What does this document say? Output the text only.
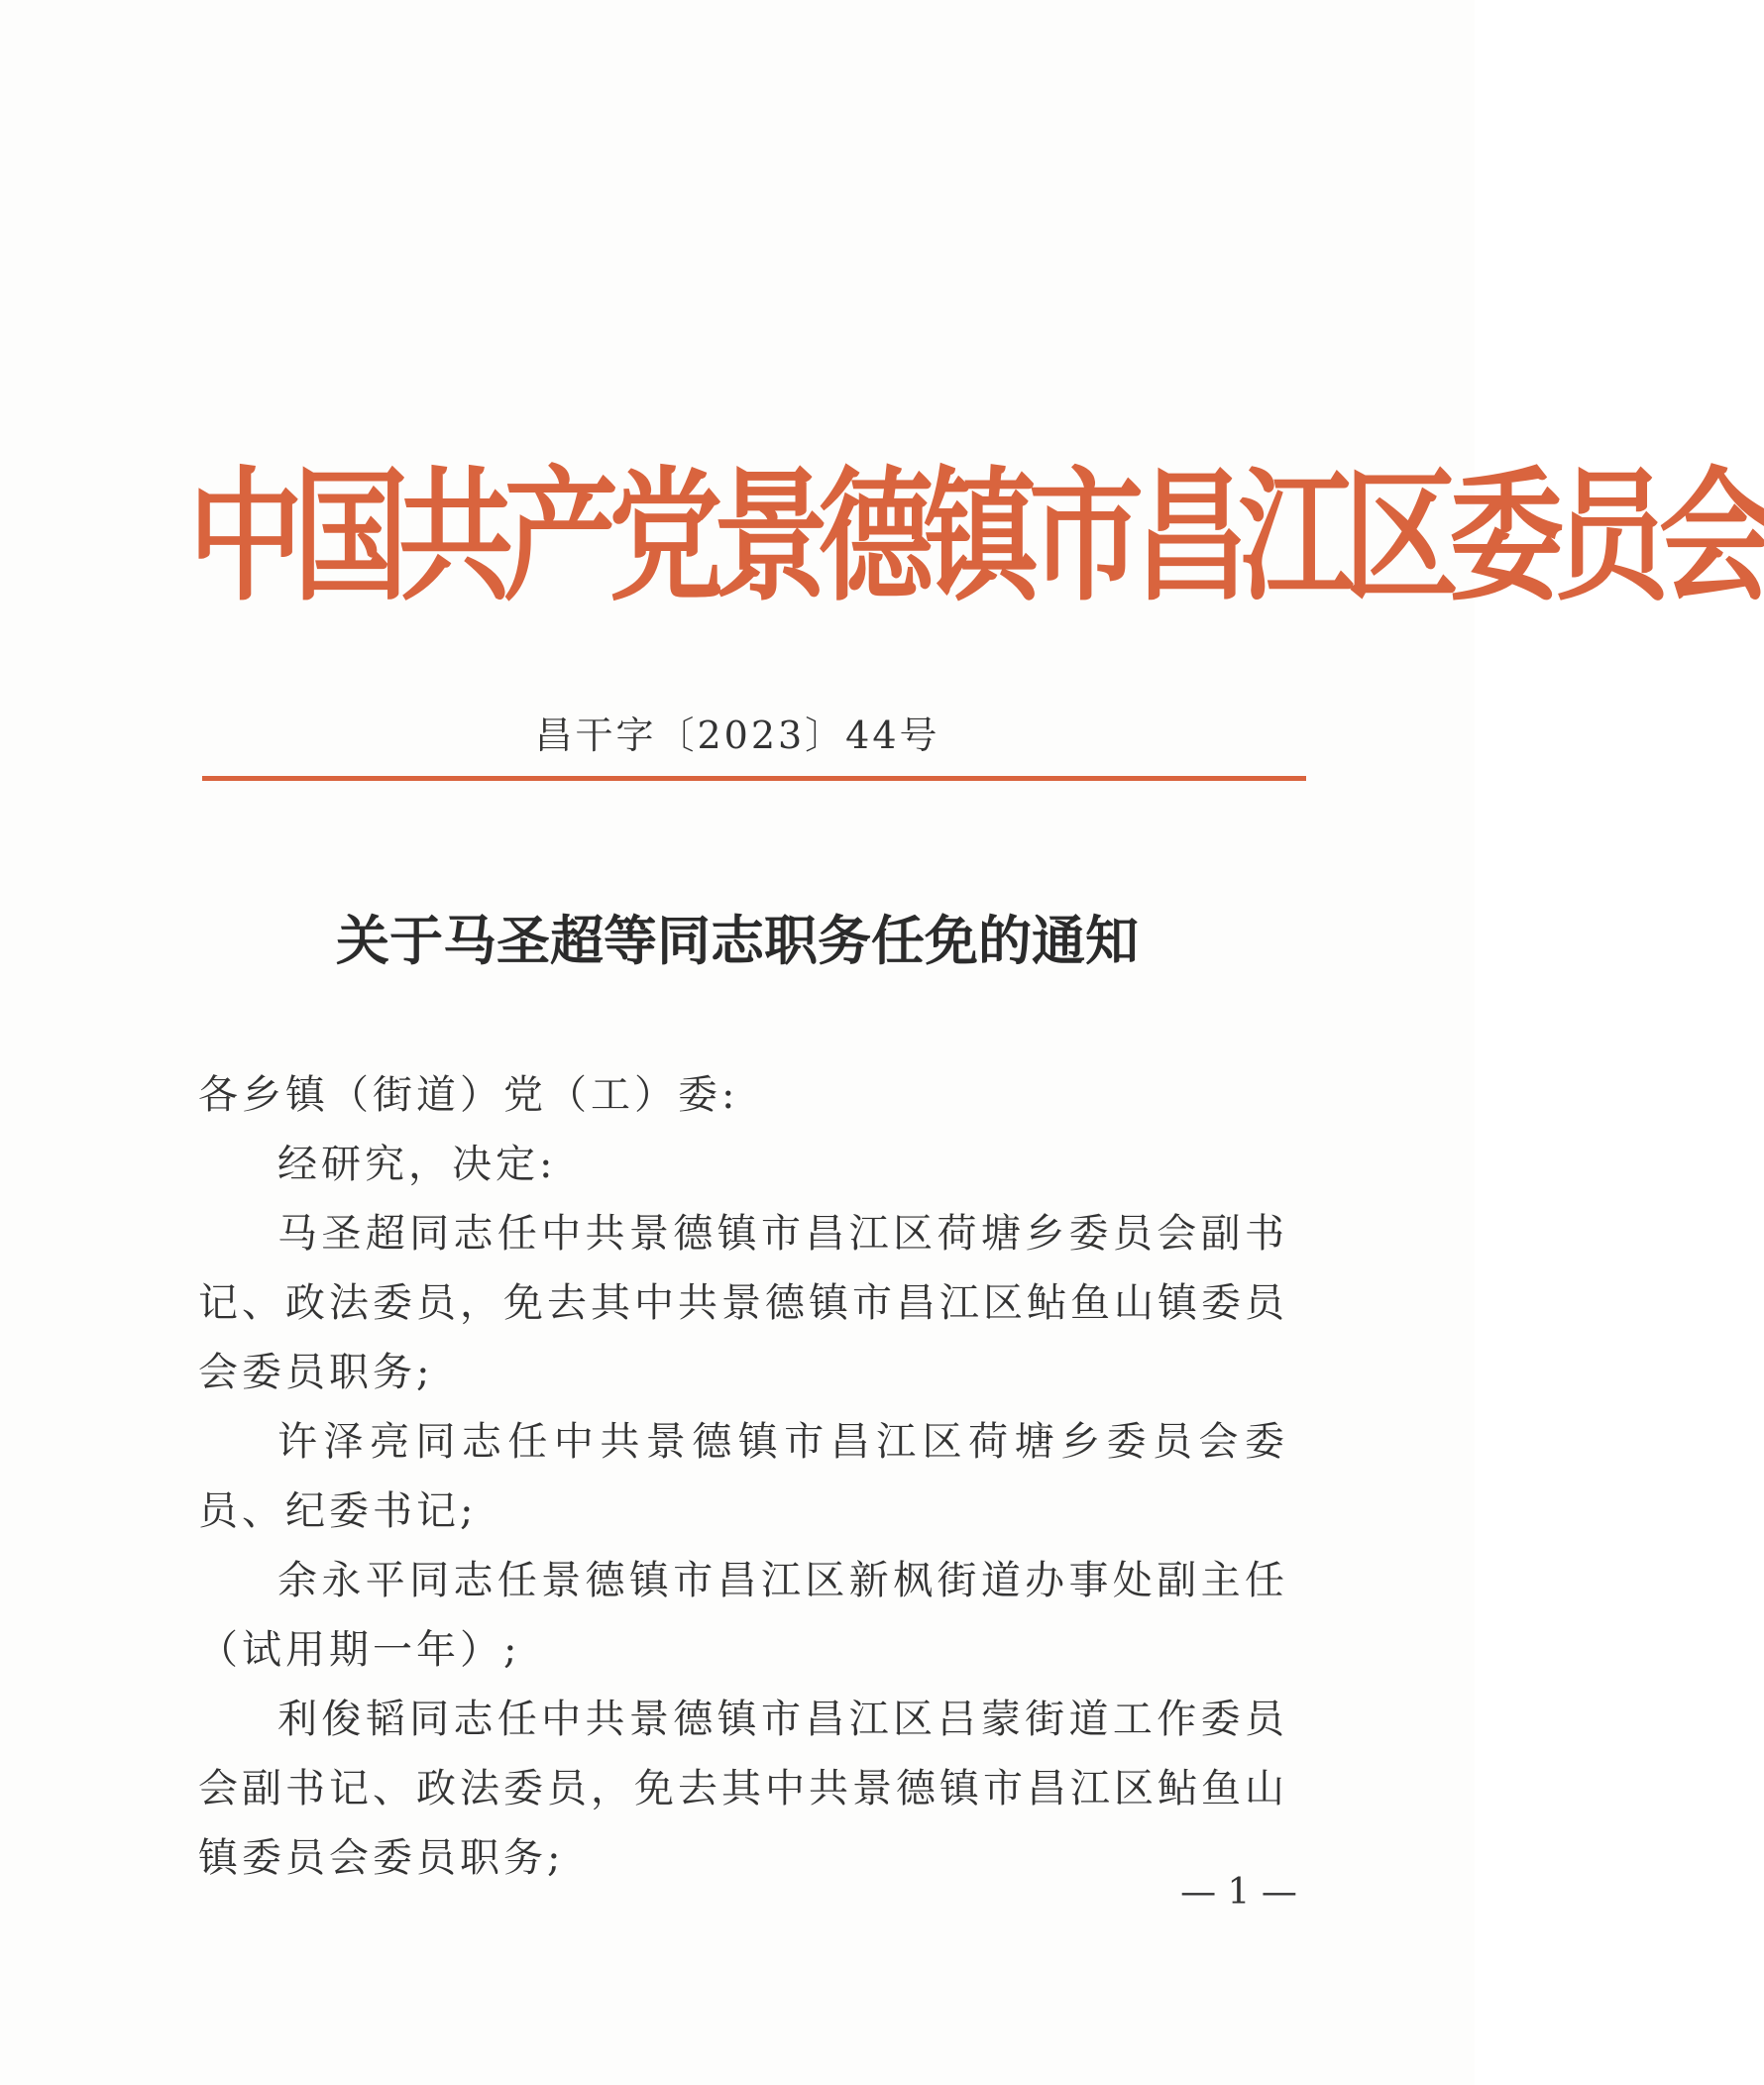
中国共产党景德镇市昌江区委员会
昌干字〔2023〕44号
关于马圣超等同志职务任免的通知

各乡镇（街道）党（工）委:

经研究，决定:

马圣超同志任中共景德镇市昌江区荷塘乡委员会副书记、政法委员，免去其中共景德镇市昌江区鲇鱼山镇委员会委员职务;

许泽亮同志任中共景德镇市昌江区荷塘乡委员会委员、纪委书记;

余永平同志任景德镇市昌江区新枫街道办事处副主任（试用期一年）;

利俊韬同志任中共景德镇市昌江区吕蒙街道工作委员会副书记、政法委员，免去其中共景德镇市昌江区鲇鱼山镇委员会委员职务;

— 1 —
